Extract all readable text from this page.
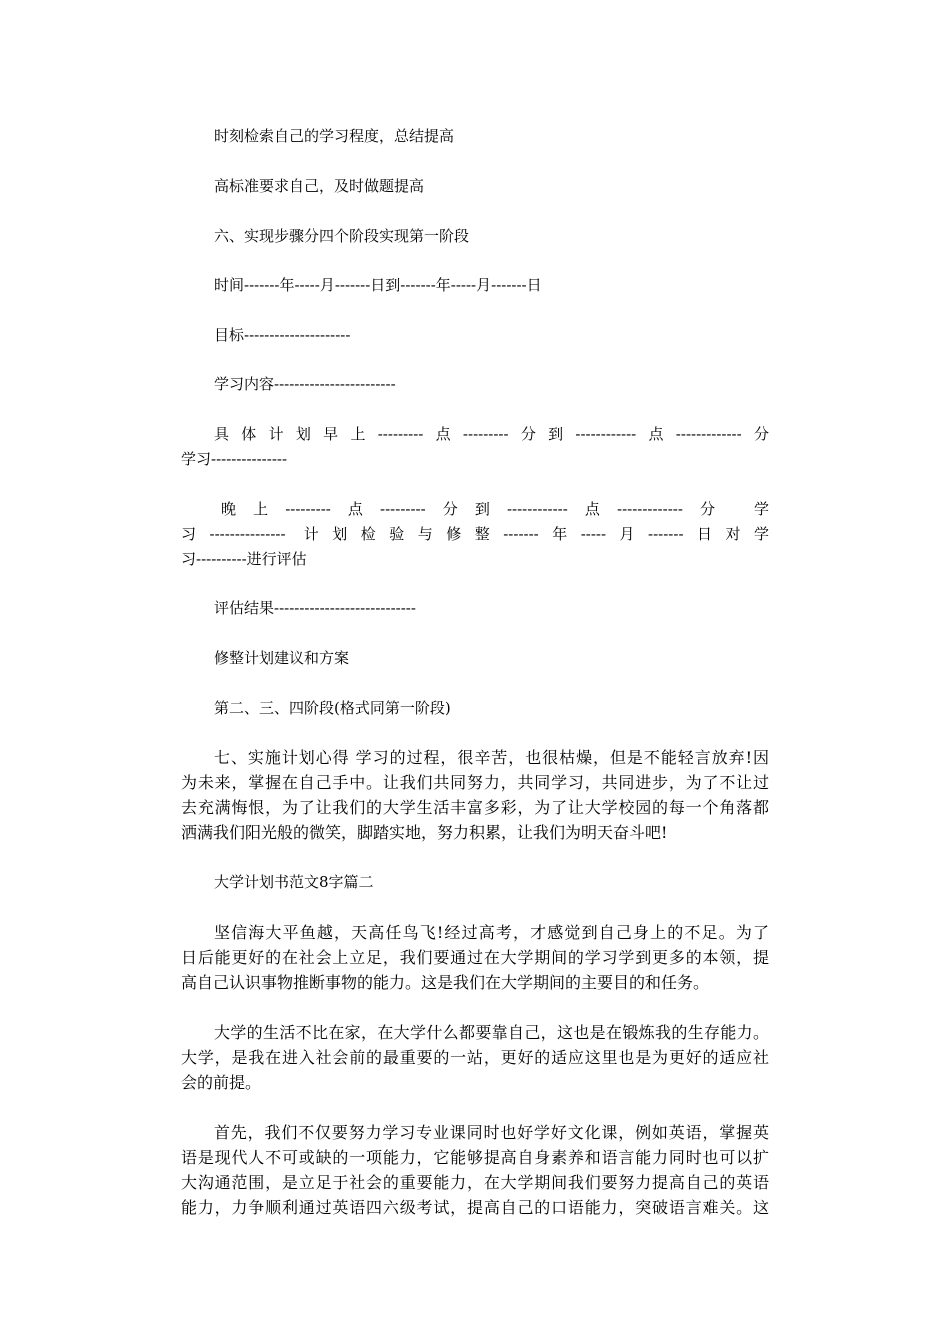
时刻检索自己的学习程度，总结提高
高标准要求自己，及时做题提高
六、实现步骤分四个阶段实现第一阶段
时间-------年-----月-------日到-------年-----月-------日
目标---------------------
学习内容------------------------
具体计划早上---------点---------分到------------点-------------分
学习---------------
晚上---------点---------分到------------点-------------分 学
习--------------- 计划检验与修整-------年-----月-------日对学
习----------进行评估
评估结果----------------------------
修整计划建议和方案
第二、三、四阶段(格式同第一阶段)
七、实施计划心得 学习的过程，很辛苦，也很枯燥，但是不能轻言放弃!因
为未来，掌握在自己手中。让我们共同努力，共同学习，共同进步，为了不让过
去充满悔恨，为了让我们的大学生活丰富多彩，为了让大学校园的每一个角落都
洒满我们阳光般的微笑，脚踏实地，努力积累，让我们为明天奋斗吧!
大学计划书范文8字篇二
坚信海大平鱼越，天高任鸟飞!经过高考，才感觉到自己身上的不足。为了
日后能更好的在社会上立足，我们要通过在大学期间的学习学到更多的本领，提
高自己认识事物推断事物的能力。这是我们在大学期间的主要目的和任务。
大学的生活不比在家，在大学什么都要靠自己，这也是在锻炼我的生存能力。
大学，是我在进入社会前的最重要的一站，更好的适应这里也是为更好的适应社
会的前提。
首先，我们不仅要努力学习专业课同时也好学好文化课，例如英语，掌握英
语是现代人不可或缺的一项能力，它能够提高自身素养和语言能力同时也可以扩
大沟通范围，是立足于社会的重要能力，在大学期间我们要努力提高自己的英语
能力，力争顺利通过英语四六级考试，提高自己的口语能力，突破语言难关。这
